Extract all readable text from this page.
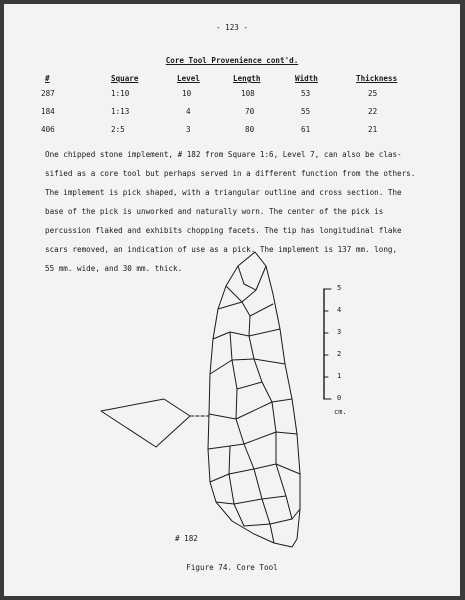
- 123 -
Core Tool Provenience cont'd.
#	Square	Level	Length	Width	Thickness
287	1:10	10	108	53	25
184	1:13	4	70	55	22
406	2:5	3	80	61	21
One chipped stone implement, # 182 from Square 1:6, Level 7, can also be clas-
sified as a core tool but perhaps served in a different function from the others.
The implement is pick shaped, with a triangular outline and cross section. The
base of the pick is unworked and naturally worn. The center of the pick is
percussion flaked and exhibits chopping facets. The tip has longitudinal flake
scars removed, an indication of use as a pick. The implement is 137 mm. long,
55 mm. wide, and 30 mm. thick.
5
4
3
2
1
0
cm.
# 182
Figure 74. Core Tool
